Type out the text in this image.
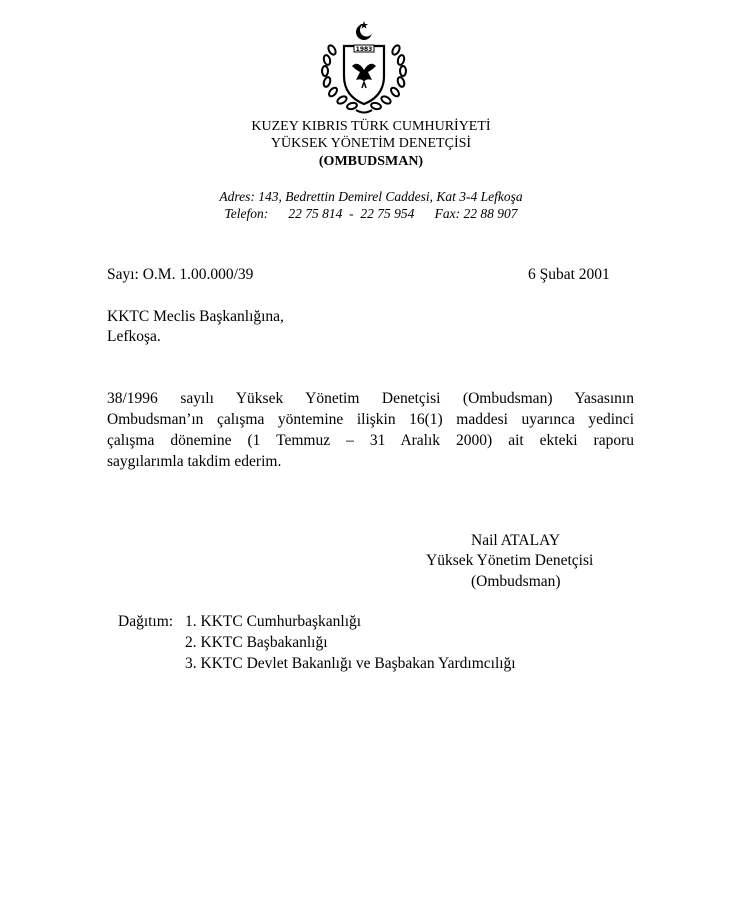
1983
KUZEY KIBRIS TÜRK CUMHURİYETİ
YÜKSEK YÖNETİM DENETÇİSİ
(OMBUDSMAN)
Adres: 143, Bedrettin Demirel Caddesi, Kat 3-4 Lefkoşa
Telefon:      22 75 814  -  22 75 954      Fax: 22 88 907
Sayı: O.M. 1.00.000/39	6 Şubat 2001
KKTC Meclis Başkanlığına,
Lefkoşa.
38/1996 sayılı Yüksek Yönetim Denetçisi (Ombudsman) Yasasının
Ombudsman’ın çalışma yöntemine ilişkin 16(1) maddesi uyarınca yedinci
çalışma dönemine (1 Temmuz – 31 Aralık 2000) ait ekteki raporu
saygılarımla takdim ederim.
Nail ATALAY
Yüksek Yönetim Denetçisi
(Ombudsman)
Dağıtım: 1. KKTC Cumhurbaşkanlığı
2. KKTC Başbakanlığı
3. KKTC Devlet Bakanlığı ve Başbakan Yardımcılığı
